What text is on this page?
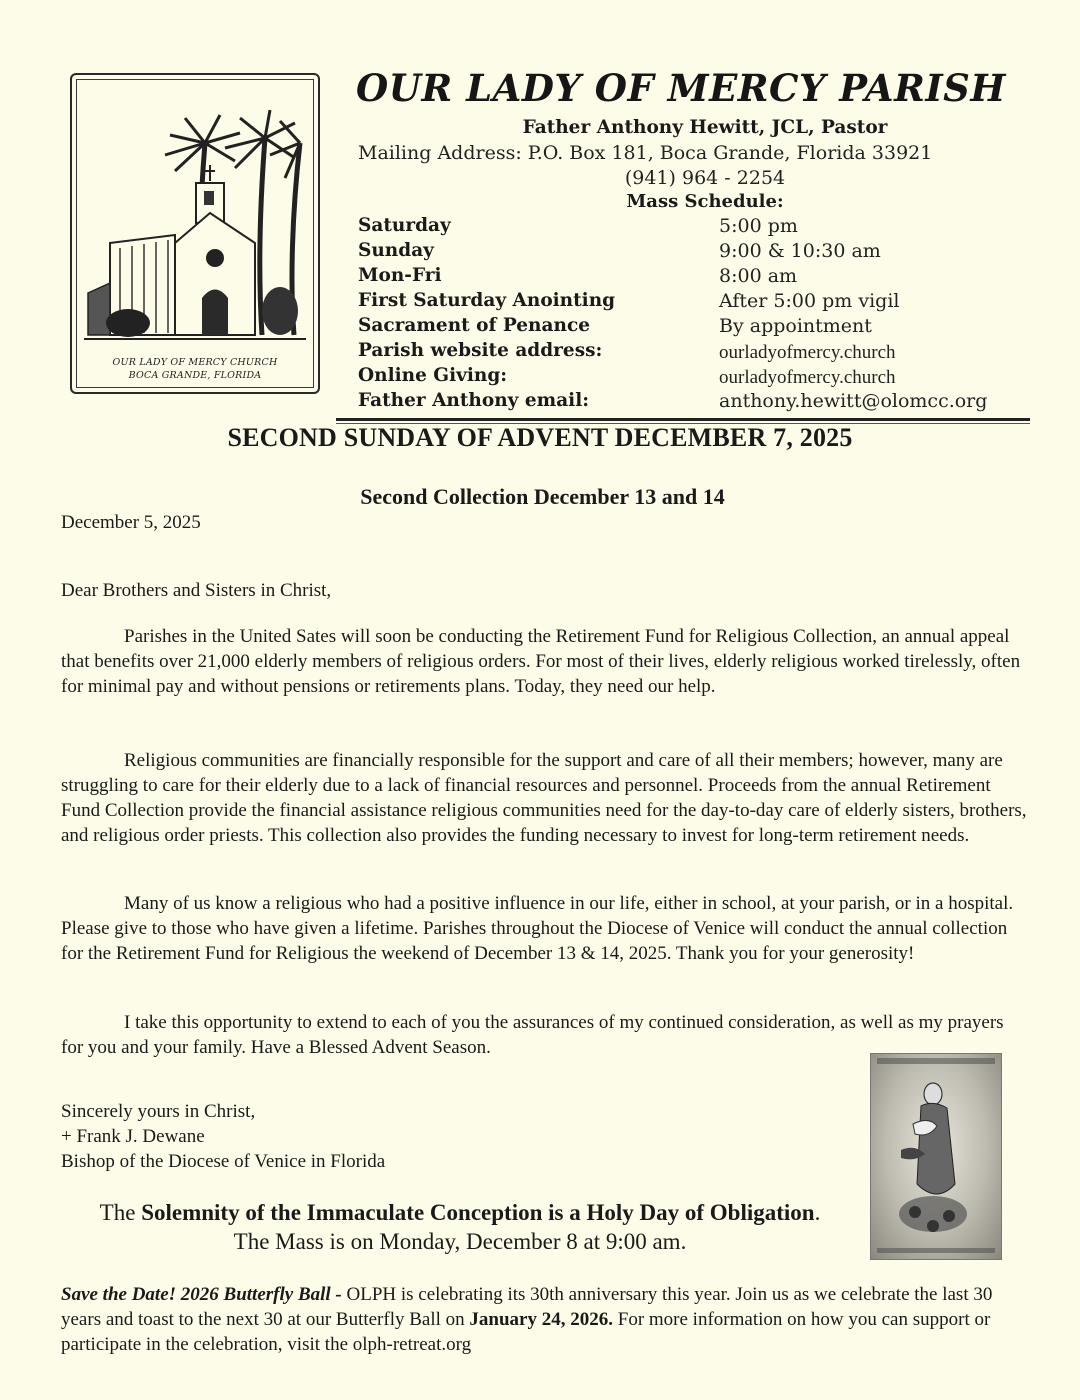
OUR LADY OF MERCY CHURCH
BOCA GRANDE, FLORIDA
OUR LADY OF MERCY PARISH
Father Anthony Hewitt, JCL, Pastor
Mailing Address: P.O. Box 181, Boca Grande, Florida 33921
(941) 964 - 2254
Mass Schedule:
Saturday	5:00 pm
Sunday	9:00 & 10:30 am
Mon-Fri	8:00 am
First Saturday Anointing	After 5:00 pm vigil
Sacrament of Penance	By appointment
Parish website address:	ourladyofmercy.church
Online Giving:	ourladyofmercy.church
Father Anthony email:	anthony.hewitt@olomcc.org
SECOND SUNDAY OF ADVENT DECEMBER 7, 2025
Second Collection December 13 and 14
December 5, 2025
Dear Brothers and Sisters in Christ,
Parishes in the United Sates will soon be conducting the Retirement Fund for Religious Collection, an annual appeal that benefits over 21,000 elderly members of religious orders. For most of their lives, elderly religious worked tirelessly, often for minimal pay and without pensions or retirements plans. Today, they need our help.
Religious communities are financially responsible for the support and care of all their members; however, many are struggling to care for their elderly due to a lack of financial resources and personnel. Proceeds from the annual Retirement Fund Collection provide the financial assistance religious communities need for the day-to-day care of elderly sisters, brothers, and religious order priests. This collection also provides the funding necessary to invest for long-term retirement needs.
Many of us know a religious who had a positive influence in our life, either in school, at your parish, or in a hospital. Please give to those who have given a lifetime. Parishes throughout the Diocese of Venice will conduct the annual collection for the Retirement Fund for Religious the weekend of December 13 & 14, 2025. Thank you for your generosity!
I take this opportunity to extend to each of you the assurances of my continued consideration, as well as my prayers for you and your family. Have a Blessed Advent Season.
Sincerely yours in Christ,
+ Frank J. Dewane
Bishop of the Diocese of Venice in Florida
The Solemnity of the Immaculate Conception is a Holy Day of Obligation. The Mass is on Monday, December 8 at 9:00 am.
Save the Date! 2026 Butterfly Ball - OLPH is celebrating its 30th anniversary this year. Join us as we celebrate the last 30 years and toast to the next 30 at our Butterfly Ball on January 24, 2026. For more information on how you can support or participate in the celebration, visit the olph-retreat.org
